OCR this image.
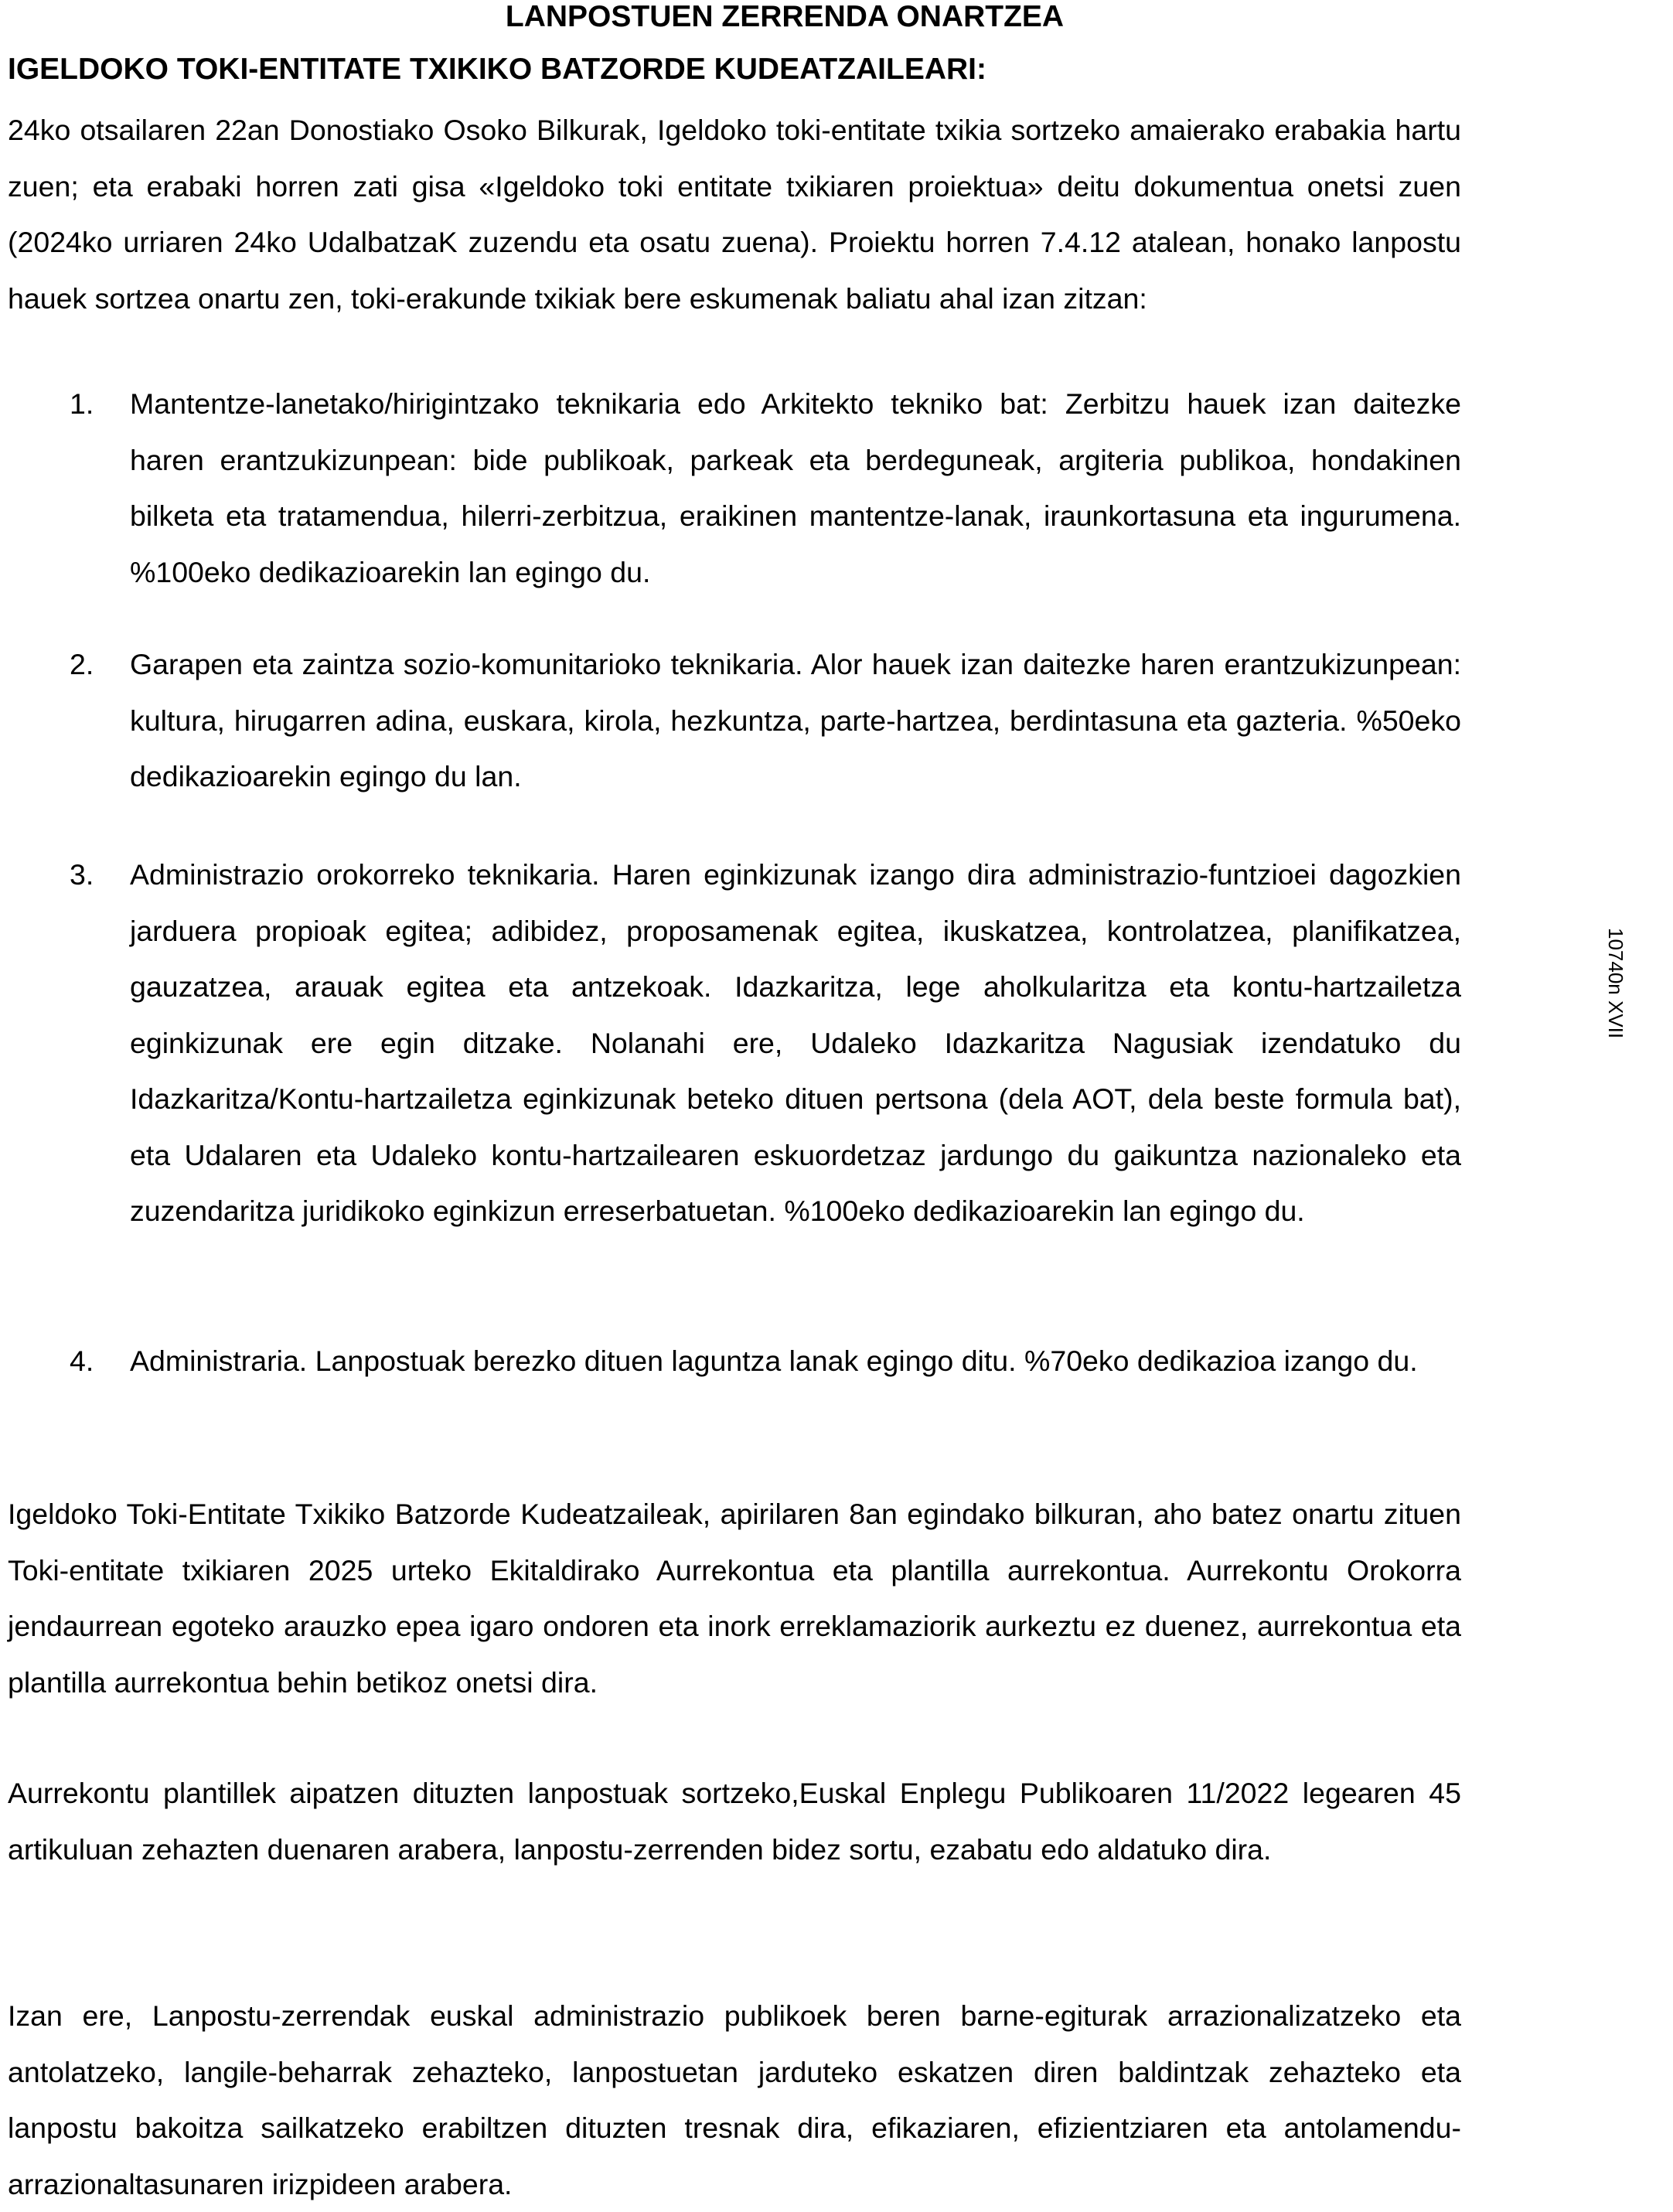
LANPOSTUEN ZERRENDA ONARTZEA
IGELDOKO TOKI-ENTITATE TXIKIKO BATZORDE KUDEATZAILEARI:

24ko otsailaren 22an Donostiako Osoko Bilkurak, Igeldoko toki-entitate txikia sortzeko amaierako erabakia hartu zuen; eta erabaki horren zati gisa «Igeldoko toki entitate txikiaren proiektua» deitu dokumentua onetsi zuen (2024ko urriaren 24ko UdalbatzaK zuzendu eta osatu zuena). Proiektu horren 7.4.12 atalean, honako lanpostu hauek sortzea onartu zen, toki-erakunde txikiak bere eskumenak baliatu ahal izan zitzan:

1.	Mantentze-lanetako/hirigintzako teknikaria edo Arkitekto tekniko bat: Zerbitzu hauek izan daitezke haren erantzukizunpean: bide publikoak, parkeak eta berdeguneak, argiteria publikoa, hondakinen bilketa eta tratamendua, hilerri-zerbitzua, eraikinen mantentze-lanak, iraunkortasuna eta ingurumena. %100eko dedikazioarekin lan egingo du.
2.	Garapen eta zaintza sozio-komunitarioko teknikaria. Alor hauek izan daitezke haren erantzukizunpean: kultura, hirugarren adina, euskara, kirola, hezkuntza, parte-hartzea, berdintasuna eta gazteria. %50eko dedikazioarekin egingo du lan.
3.	Administrazio orokorreko teknikaria. Haren eginkizunak izango dira administrazio-funtzioei dagozkien jarduera propioak egitea; adibidez, proposamenak egitea, ikuskatzea, kontrolatzea, planifikatzea, gauzatzea, arauak egitea eta antzekoak. Idazkaritza, lege aholkularitza eta kontu-hartzailetza eginkizunak ere egin ditzake. Nolanahi ere, Udaleko Idazkaritza Nagusiak izendatuko du Idazkaritza/Kontu-hartzailetza eginkizunak beteko dituen pertsona (dela AOT, dela beste formula bat), eta Udalaren eta Udaleko kontu-hartzailearen eskuordetzaz jardungo du gaikuntza nazionaleko eta zuzendaritza juridikoko eginkizun erreserbatuetan. %100eko dedikazioarekin lan egingo du.
4.	Administraria. Lanpostuak berezko dituen laguntza lanak egingo ditu. %70eko dedikazioa izango du.

Igeldoko Toki-Entitate Txikiko Batzorde Kudeatzaileak, apirilaren 8an egindako bilkuran, aho batez onartu zituen Toki-entitate txikiaren 2025 urteko Ekitaldirako Aurrekontua eta plantilla aurrekontua. Aurrekontu Orokorra jendaurrean egoteko arauzko epea igaro ondoren eta inork erreklamaziorik aurkeztu ez duenez, aurrekontua eta plantilla aurrekontua behin betikoz onetsi dira.

Aurrekontu plantillek aipatzen dituzten lanpostuak sortzeko,Euskal Enplegu Publikoaren 11/2022 legearen 45 artikuluan zehazten duenaren arabera, lanpostu-zerrenden bidez sortu, ezabatu edo aldatuko dira.

Izan ere, Lanpostu-zerrendak euskal administrazio publikoek beren barne-egiturak arrazionalizatzeko eta antolatzeko, langile-beharrak zehazteko, lanpostuetan jarduteko eskatzen diren baldintzak zehazteko eta lanpostu bakoitza sailkatzeko erabiltzen dituzten tresnak dira, efikaziaren, efizientziaren eta antolamendu-arrazionaltasunaren irizpideen arabera.

10740n XVII
